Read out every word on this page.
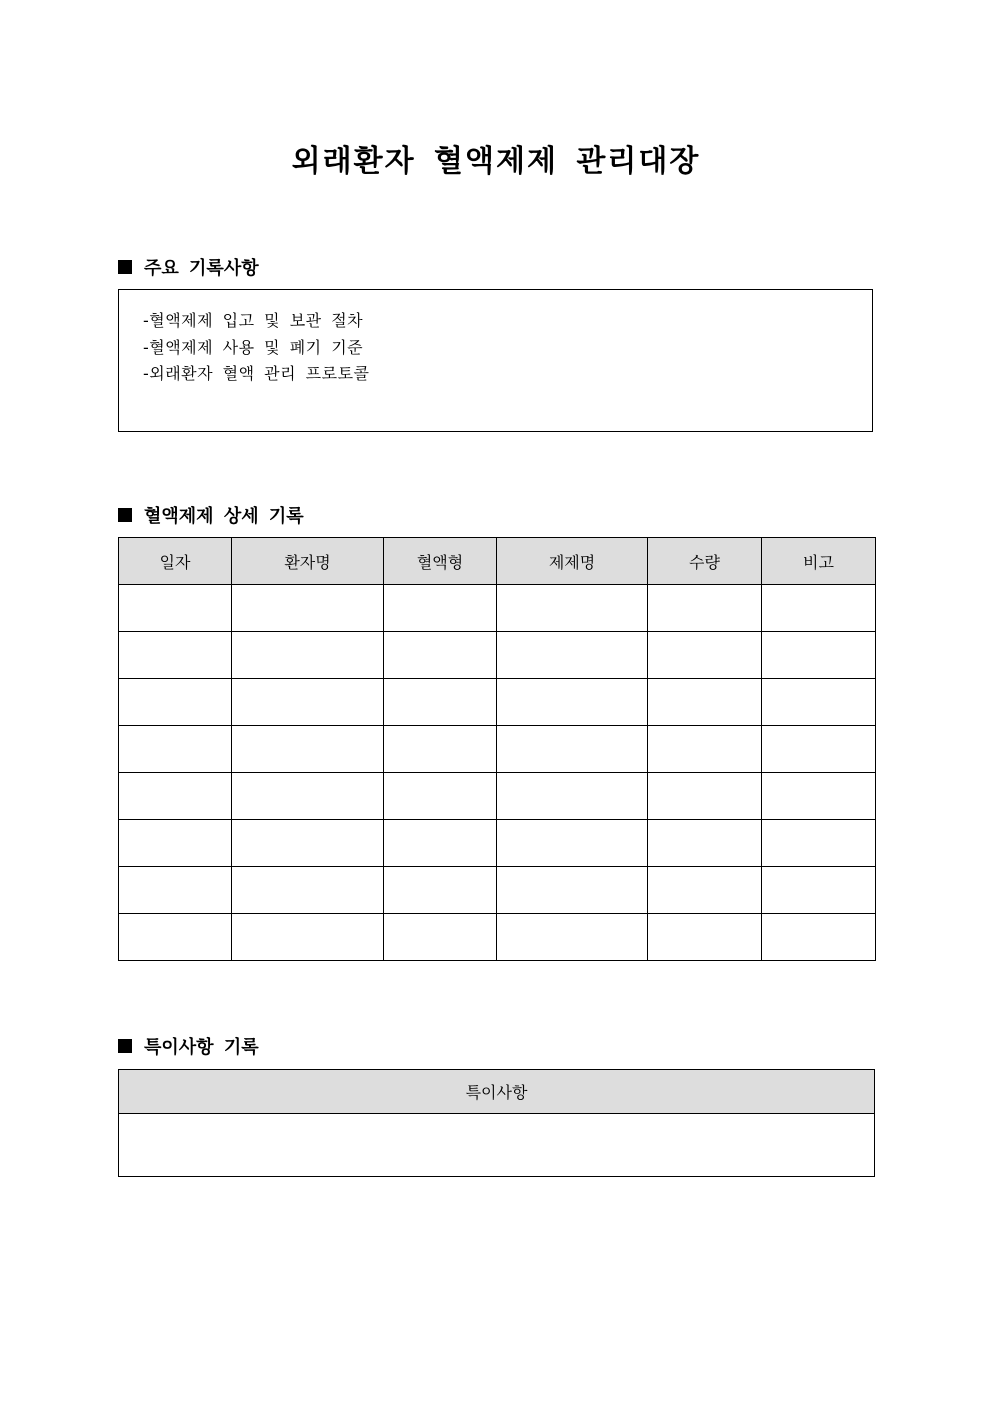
외래환자 혈액제제 관리대장
주요 기록사항
-혈액제제 입고 및 보관 절차
-혈액제제 사용 및 폐기 기준
-외래환자 혈액 관리 프로토콜
혈액제제 상세 기록
일자	환자명	혈액형	제제명	수량	비고

특이사항 기록
특이사항
